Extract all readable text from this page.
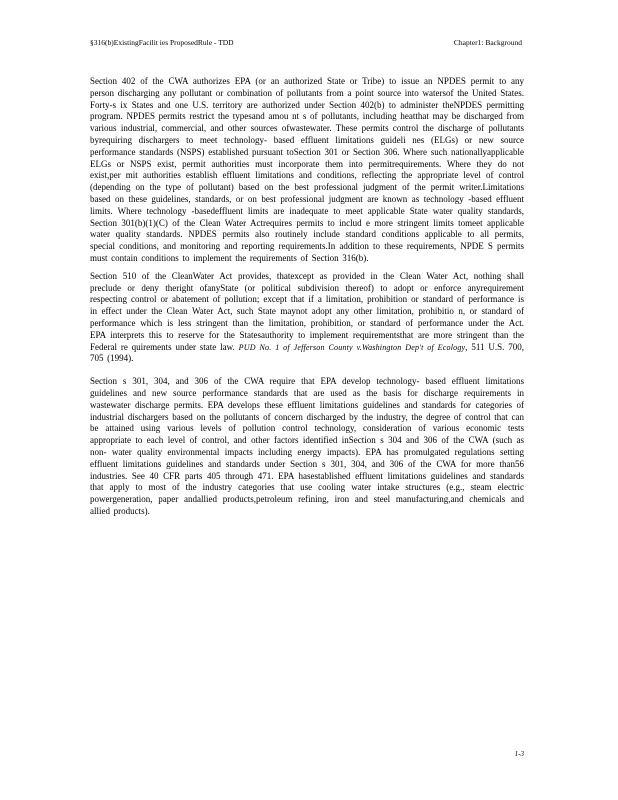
§316(b)ExistingFacilit ies ProposedRule - TDD	Chapter1: Background

Section 402 of the CWA authorizes EPA (or an authorized State or Tribe) to issue an NPDES permit to any person discharging any pollutant or combination of pollutants from a point source into watersof the United States. Forty-s ix States and one U.S. territory are authorized under Section 402(b) to administer theNPDES permitting program. NPDES permits restrict the typesand amou nt s of pollutants, including heatthat may be discharged from various industrial, commercial, and other sources ofwastewater. These permits control the discharge of pollutants byrequiring dischargers to meet technology- based effluent limitations guideli nes (ELGs) or new source performance standards (NSPS) established pursuant toSection 301 or Section 306. Where such nationallyapplicable ELGs or NSPS exist, permit authorities must incorporate them into permitrequirements. Where they do not exist,per mit authorities establish effluent limitations and conditions, reflecting the appropriate level of control (depending on the type of pollutant) based on the best professional judgment of the permit writer.Limitations based on these guidelines, standards, or on best professional judgment are known as technology -based effluent limits. Where technology -basedeffluent limits are inadequate to meet applicable State water quality standards, Section 301(b)(1)(C) of the Clean Water Actrequires permits to includ e more stringent limits tomeet applicable water quality standards. NPDES permits also routinely include standard conditions applicable to all permits, special conditions, and monitoring and reporting requirements.In addition to these requirements, NPDE S permits must contain conditions to implement the requirements of Section 316(b).

Section 510 of the CleanWater Act provides, thatexcept as provided in the Clean Water Act, nothing shall preclude or deny theright ofanyState (or political subdivision thereof) to adopt or enforce anyrequirement respecting control or abatement of pollution; except that if a limitation, prohibition or standard of performance is in effect under the Clean Water Act, such State maynot adopt any other limitation, prohibitio n, or standard of performance which is less stringent than the limitation, prohibition, or standard of performance under the Act. EPA interprets this to reserve for the Statesauthority to implement requirementsthat are more stringent than the Federal re quirements under state law. PUD No. 1 of Jefferson County v.Washington Dep't of Ecology, 511 U.S. 700, 705 (1994).

Section s 301, 304, and 306 of the CWA require that EPA develop technology- based effluent limitations guidelines and new source performance standards that are used as the basis for discharge requirements in wastewater discharge permits. EPA develops these effluent limitations guidelines and standards for categories of industrial dischargers based on the pollutants of concern discharged by the industry, the degree of control that can be attained using various levels of pollution control technology, consideration of various economic tests appropriate to each level of control, and other factors identified inSection s 304 and 306 of the CWA (such as non- water quality environmental impacts including energy impacts). EPA has promulgated regulations setting effluent limitations guidelines and standards under Section s 301, 304, and 306 of the CWA for more than56 industries. See 40 CFR parts 405 through 471. EPA hasestablished effluent limitations guidelines and standards that apply to most of the industry categories that use cooling water intake structures (e.g., steam electric powergeneration, paper andallied products,petroleum refining, iron and steel manufacturing,and chemicals and allied products).

1-3
